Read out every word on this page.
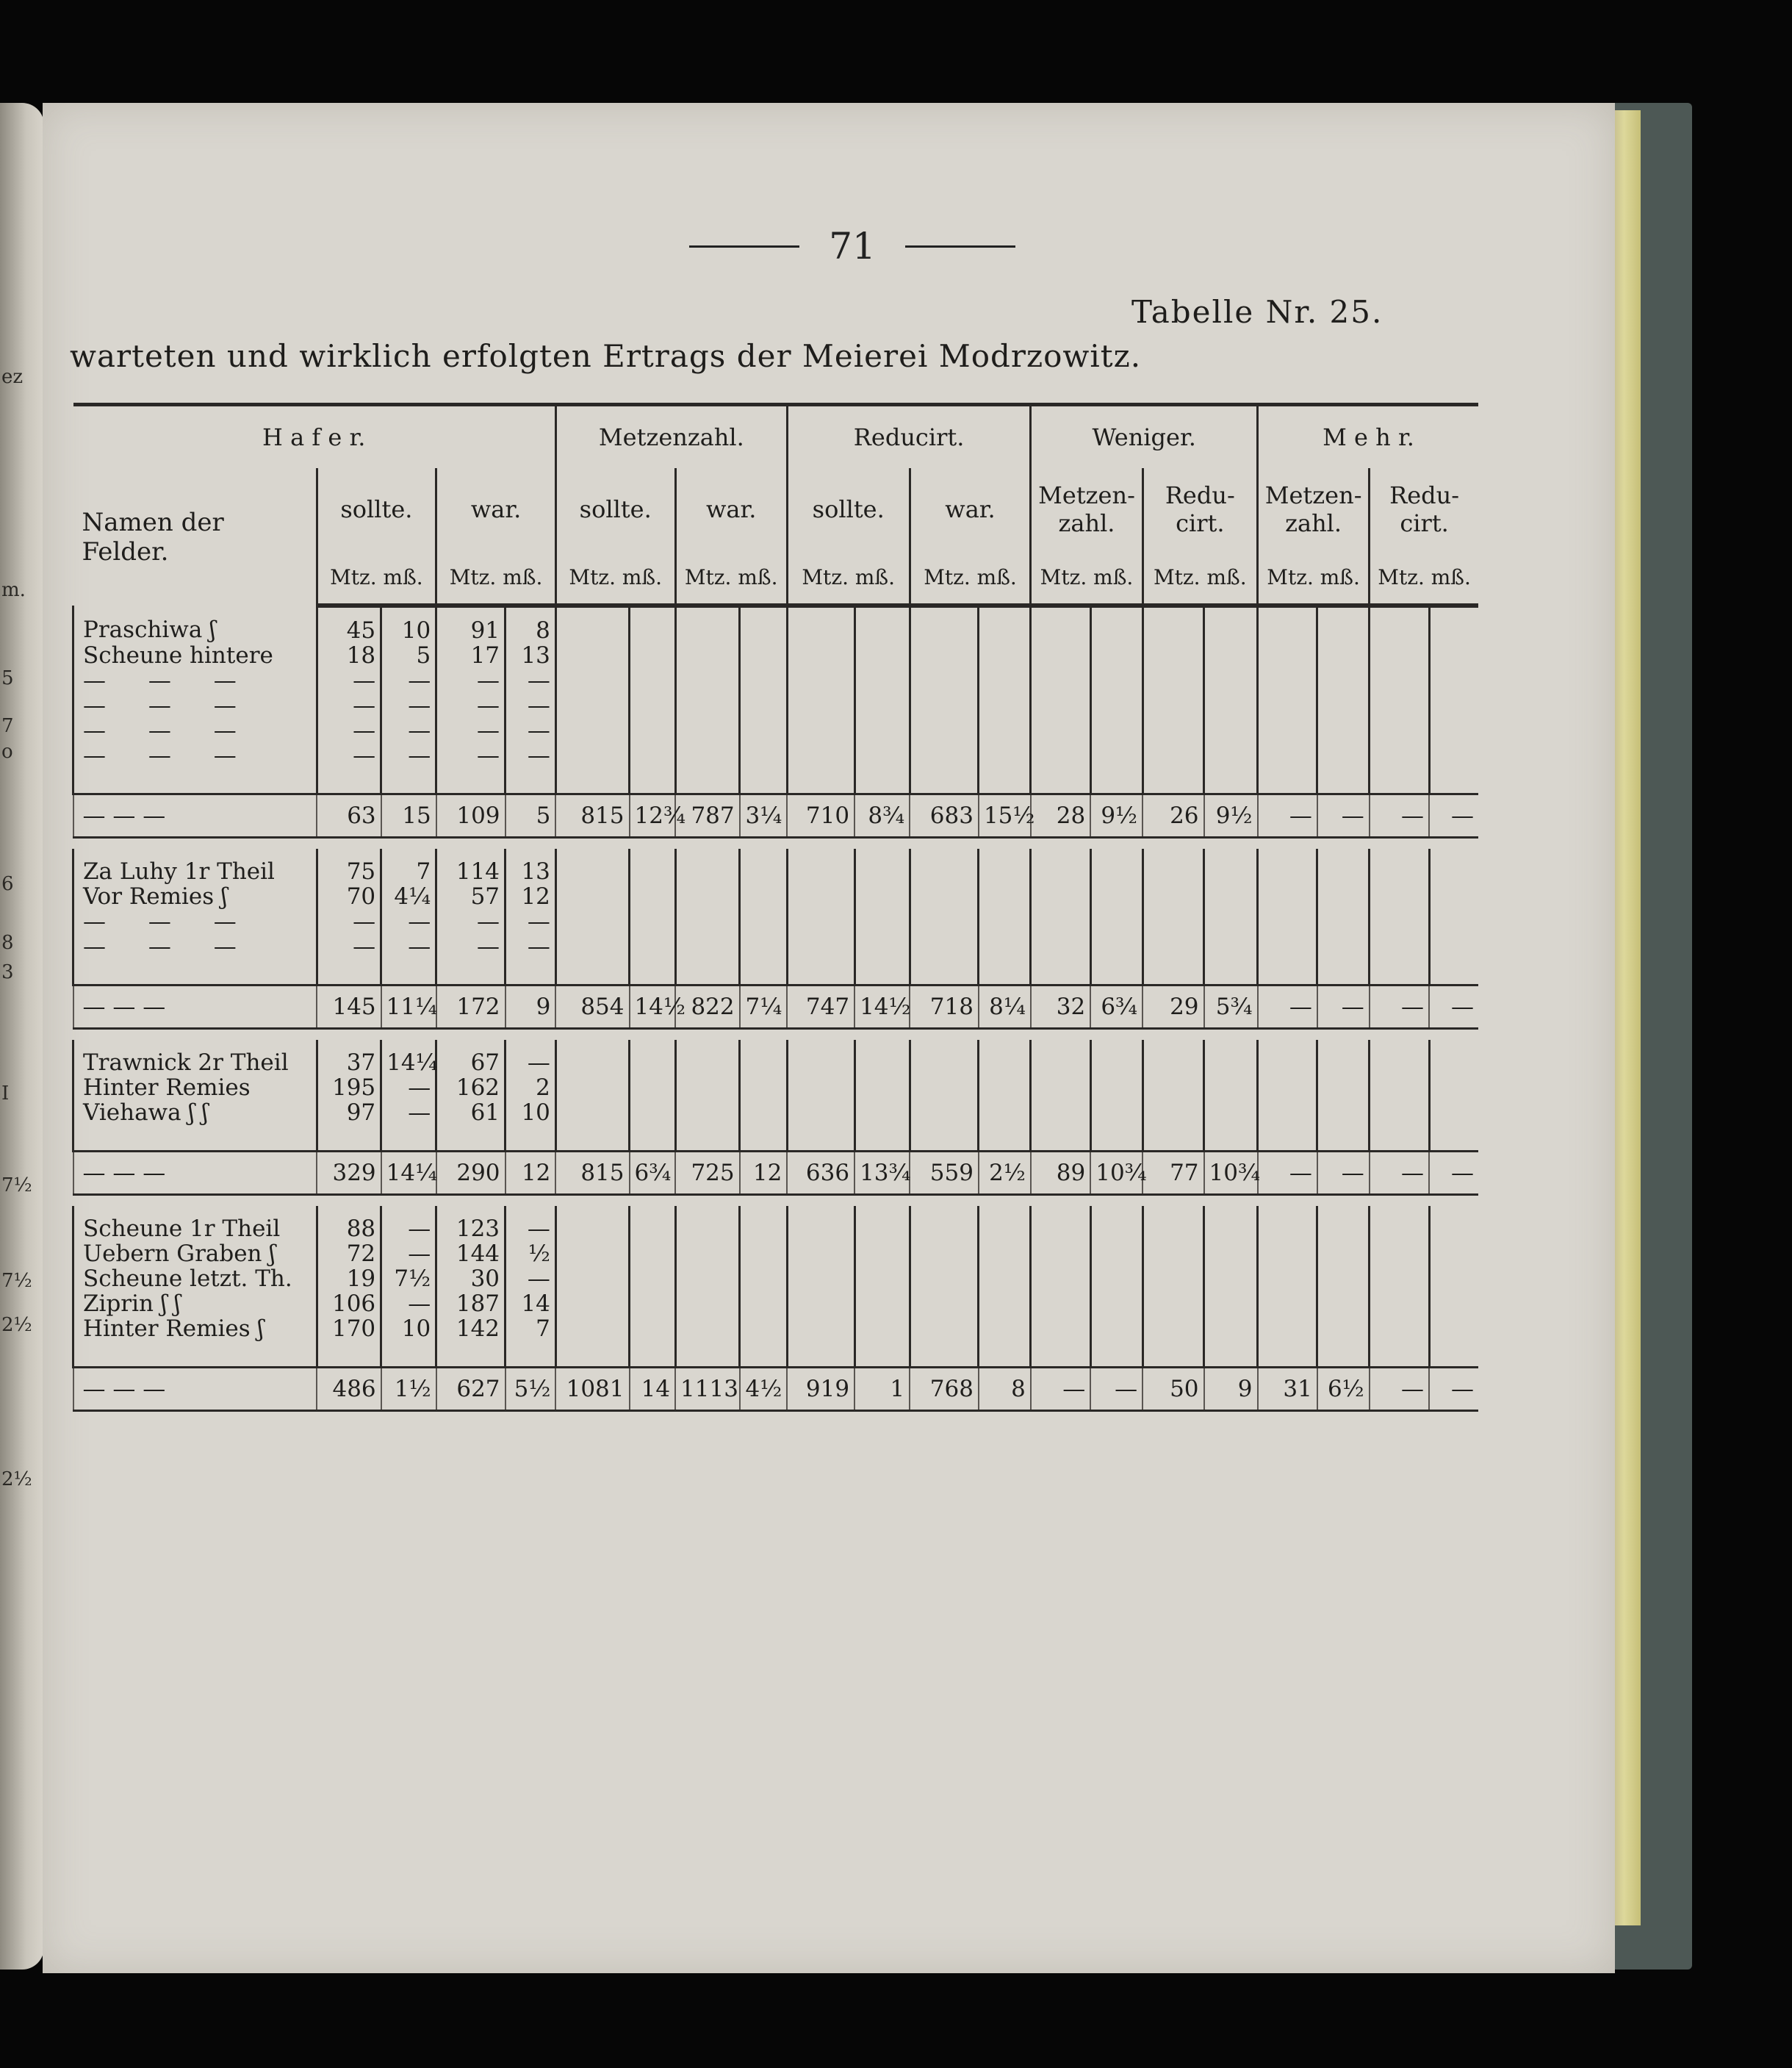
ez
m.
5
7
o
6
8
3
I
7½
7½
2½
2½
71
Tabelle Nr. 25.
warteten und wirklich erfolgten Ertrags der Meierei Modrzowitz.
H a f e r.					Metzenzahl.				Reducirt.				Weniger.				M e h r.			
Namen der Felder.	sollte.		war.		sollte.		war.		sollte.		war.		Metzen- zahl.		Redu- cirt.		Metzen- zahl.		Redu- cirt.	
	Mtz. mß.		Mtz. mß.		Mtz. mß.		Mtz. mß.		Mtz. mß.		Mtz. mß.		Mtz. mß.		Mtz. mß.		Mtz. mß.		Mtz. mß.	
Praschiwa ʃ	45	10	91	8																
Scheune hintere	18	5	17	13																
— — —	—	—	—	—																
— — —	—	—	—	—																
— — —	—	—	—	—																
— — —	—	—	—	—																

— — —	63	15	109	5	815	12¾	787	3¼	710	8¾	683	15½	28	9½	26	9½	—	—	—	—

Za Luhy 1r Theil	75	7	114	13																
Vor Remies ʃ	70	4¼	57	12																
— — —	—	—	—	—																
— — —	—	—	—	—																

— — —	145	11¼	172	9	854	14½	822	7¼	747	14½	718	8¼	32	6¾	29	5¾	—	—	—	—

Trawnick 2r Theil	37	14¼	67	—																
Hinter Remies	195	—	162	2																
Viehawa ʃ ʃ	97	—	61	10																

— — —	329	14¼	290	12	815	6¾	725	12	636	13¾	559	2½	89	10¾	77	10¾	—	—	—	—

Scheune 1r Theil	88	—	123	—																
Uebern Graben ʃ	72	—	144	½																
Scheune letzt. Th.	19	7½	30	—																
Ziprin ʃ ʃ	106	—	187	14																
Hinter Remies ʃ	170	10	142	7																

— — —	486	1½	627	5½	1081	14	1113	4½	919	1	768	8	—	—	50	9	31	6½	—	—
